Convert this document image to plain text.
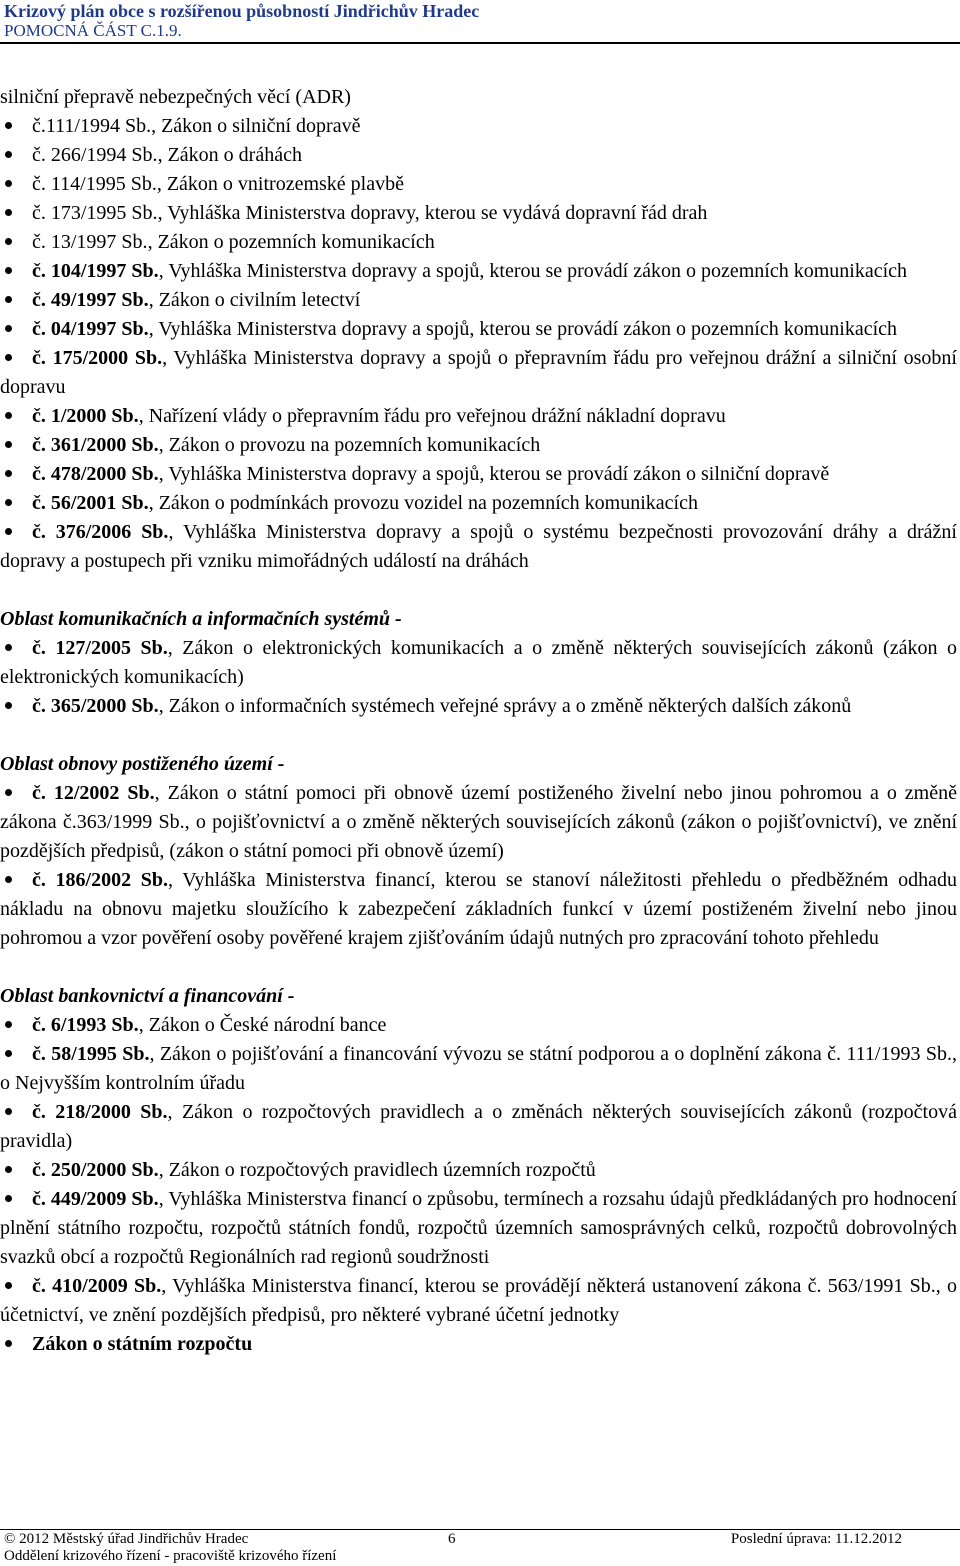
Krizový plán obce s rozšířenou působností Jindřichův Hradec
POMOCNÁ ČÁST C.1.9.
silniční přepravě nebezpečných věcí (ADR)
č.111/1994 Sb., Zákon o silniční dopravě
č. 266/1994 Sb., Zákon o dráhách
č. 114/1995 Sb., Zákon o vnitrozemské plavbě
č. 173/1995 Sb., Vyhláška Ministerstva dopravy, kterou se vydává dopravní řád drah
č. 13/1997 Sb., Zákon o pozemních komunikacích
č. 104/1997 Sb., Vyhláška Ministerstva dopravy a spojů, kterou se provádí zákon o pozemních komunikacích
č. 49/1997 Sb., Zákon o civilním letectví
č. 04/1997 Sb., Vyhláška Ministerstva dopravy a spojů, kterou se provádí zákon o pozemních komunikacích
č. 175/2000 Sb., Vyhláška Ministerstva dopravy a spojů o přepravním řádu pro veřejnou drážní a silniční osobní dopravu
č. 1/2000 Sb., Nařízení vlády o přepravním řádu pro veřejnou drážní nákladní dopravu
č. 361/2000 Sb., Zákon o provozu na pozemních komunikacích
č. 478/2000 Sb., Vyhláška Ministerstva dopravy a spojů, kterou se provádí zákon o silniční dopravě
č. 56/2001 Sb., Zákon o podmínkách provozu vozidel na pozemních komunikacích
č. 376/2006 Sb., Vyhláška Ministerstva dopravy a spojů o systému bezpečnosti provozování dráhy a drážní dopravy a postupech při vzniku mimořádných událostí na dráhách
Oblast komunikačních a informačních systémů -
č. 127/2005 Sb., Zákon o elektronických komunikacích a o změně některých souvisejících zákonů (zákon o elektronických komunikacích)
č. 365/2000 Sb., Zákon o informačních systémech veřejné správy a o změně některých dalších zákonů
Oblast obnovy postiženého území -
č. 12/2002 Sb., Zákon o státní pomoci při obnově území postiženého živelní nebo jinou pohromou a o změně zákona č.363/1999 Sb., o pojišťovnictví a o změně některých souvisejících zákonů (zákon o pojišťovnictví), ve znění pozdějších předpisů, (zákon o státní pomoci při obnově území)
č. 186/2002 Sb., Vyhláška Ministerstva financí, kterou se stanoví náležitosti přehledu o předběžném odhadu nákladu na obnovu majetku sloužícího k zabezpečení základních funkcí v území postiženém živelní nebo jinou pohromou a vzor pověření osoby pověřené krajem zjišťováním údajů nutných pro zpracování tohoto přehledu
Oblast bankovnictví a financování -
č. 6/1993 Sb., Zákon o České národní bance
č. 58/1995 Sb., Zákon o pojišťování a financování vývozu se státní podporou a o doplnění zákona č. 111/1993 Sb., o Nejvyšším kontrolním úřadu
č. 218/2000 Sb., Zákon o rozpočtových pravidlech a o změnách některých souvisejících zákonů (rozpočtová pravidla)
č. 250/2000 Sb., Zákon o rozpočtových pravidlech územních rozpočtů
č. 449/2009 Sb., Vyhláška Ministerstva financí o způsobu, termínech a rozsahu údajů předkládaných pro hodnocení plnění státního rozpočtu, rozpočtů státních fondů, rozpočtů územních samosprávných celků, rozpočtů dobrovolných svazků obcí a rozpočtů Regionálních rad regionů soudržnosti
č. 410/2009 Sb., Vyhláška Ministerstva financí, kterou se provádějí některá ustanovení zákona č. 563/1991 Sb., o účetnictví, ve znění pozdějších předpisů, pro některé vybrané účetní jednotky
Zákon o státním rozpočtu
© 2012 Městský úřad Jindřichův Hradec	6	Poslední úprava: 11.12.2012
Oddělení krizového řízení - pracoviště krizového řízení
